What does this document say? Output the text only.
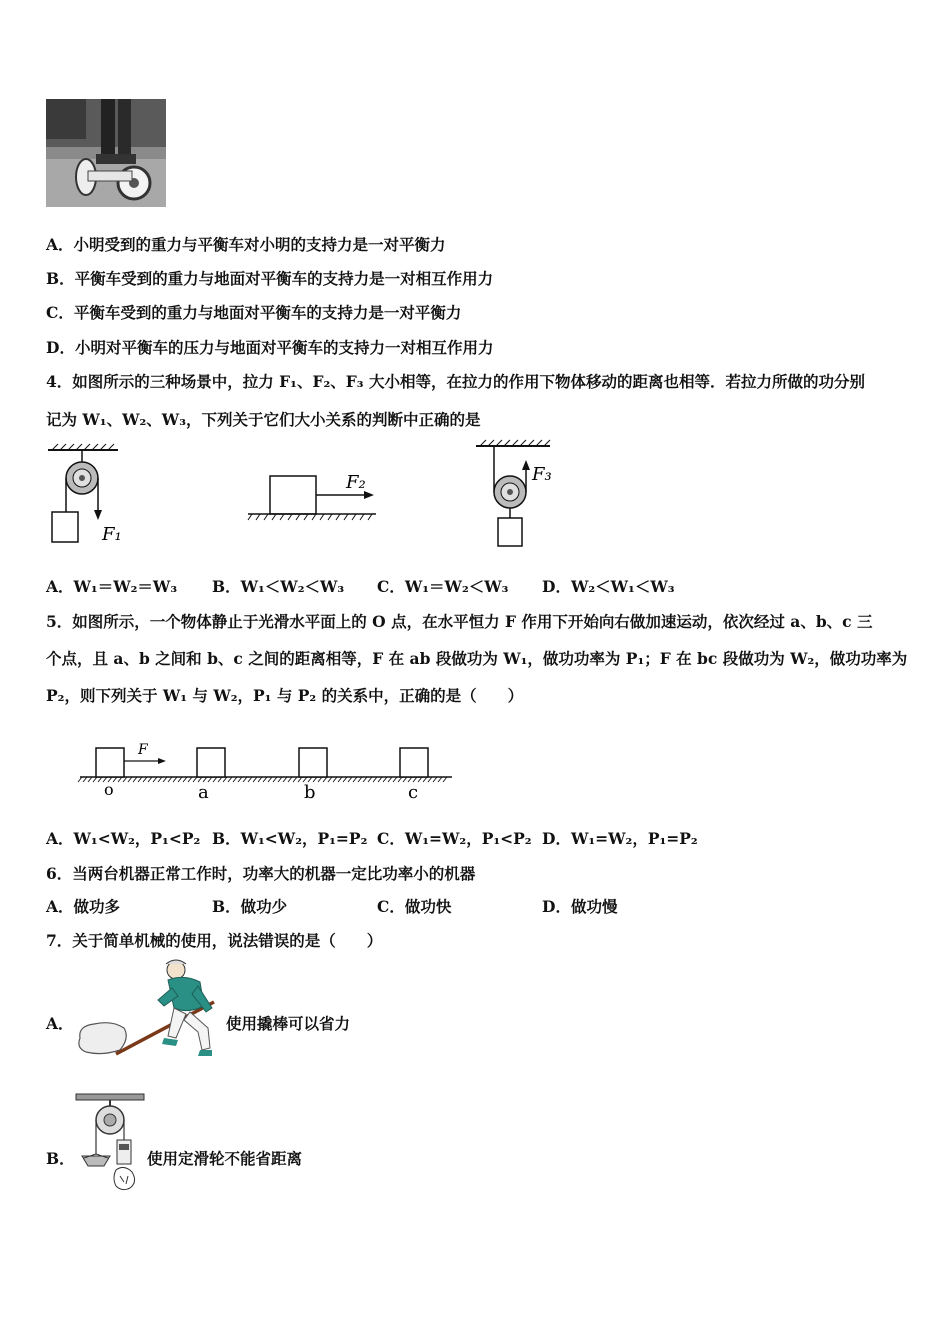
A．小明受到的重力与平衡车对小明的支持力是一对平衡力
B．平衡车受到的重力与地面对平衡车的支持力是一对相互作用力
C．平衡车受到的重力与地面对平衡车的支持力是一对平衡力
D．小明对平衡车的压力与地面对平衡车的支持力一对相互作用力
4．如图所示的三种场景中，拉力 F₁、F₂、F₃ 大小相等，在拉力的作用下物体移动的距离也相等．若拉力所做的功分别
记为 W₁、W₂、W₃，下列关于它们大小关系的判断中正确的是
F₁
F₂	F₃
A．W₁＝W₂＝W₃ B．W₁＜W₂＜W₃ C．W₁＝W₂＜W₃ D．W₂＜W₁＜W₃
5．如图所示，一个物体静止于光滑水平面上的 O 点，在水平恒力 F 作用下开始向右做加速运动，依次经过 a、b、c 三
个点，且 a、b 之间和 b、c 之间的距离相等，F 在 ab 段做功为 W₁，做功功率为 P₁；F 在 bc 段做功为 W₂，做功功率为
P₂，则下列关于 W₁ 与 W₂，P₁ 与 P₂ 的关系中，正确的是（　　）
F
o	a	b	c
A．W₁<W₂，P₁<P₂ B．W₁<W₂，P₁=P₂ C．W₁=W₂，P₁<P₂ D．W₁=W₂，P₁=P₂
6．当两台机器正常工作时，功率大的机器一定比功率小的机器
A．做功多	B．做功少	C．做功快	D．做功慢
7．关于简单机械的使用，说法错误的是（　　）
A．	使用撬棒可以省力
B．	使用定滑轮不能省距离
